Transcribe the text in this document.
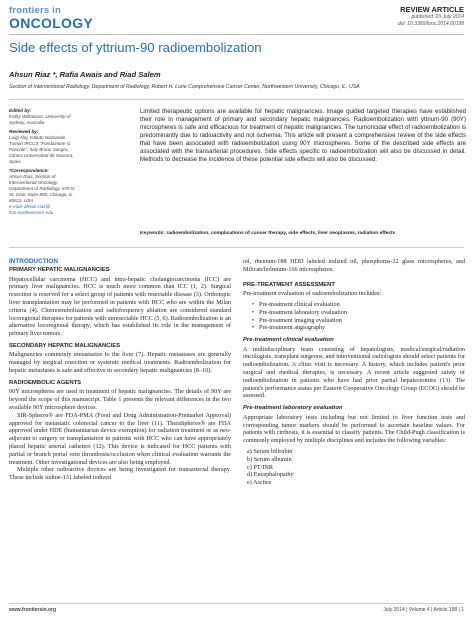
frontiers in
ONCOLOGY
REVIEW ARTICLE
published: 29 July 2014
doi: 10.3389/fonc.2014.00198
Side effects of yttrium-90 radioembolization
Ahsun Riaz *, Rafia Awais and Riad Salem
Section of Interventional Radiology, Department of Radiology, Robert H. Lurie Comprehensive Cancer Center, Northwestern University, Chicago, IL, USA
Edited by:
Kathy Willowson, University of Sydney, Australia
Reviewed by:
Luigi Aloj, Istituto Nazionale Tumori IRCCS "Fondazione G. Pascale", Italy Bruno Sangro, Clinica Universidad de Navarra, Spain
*Correspondence:
Ahsun Riaz, Section of Interventional Oncology, Department of Radiology, 676 N. St. Clair, Suite 800, Chicago, IL 60611, USA
e-mail: ahsun-riaz@ fsm.northwestern.edu

Limited therapeutic options are available for hepatic malignancies. Image guided targeted therapies have established their role in management of primary and secondary hepatic malignancies. Radioembolization with yttrium-90 (90Y) microspheres is safe and efficacious for treatment of hepatic malignancies. The tumoricidal effect of radioembolization is predominantly due to radioactivity and not ischemia. This article will present a comprehensive review of the side effects that have been associated with radioembolization using 90Y microspheres. Some of the described side effects are associated with the transarterial procedures. Side effects specific to radioembolization will also be discussed in detail. Methods to decrease the incidence of these potential side effects will also be discussed.

Keywords: radioembolization, complications of cancer therapy, side effects, liver neoplasms, radiation effects
INTRODUCTION
PRIMARY HEPATIC MALIGNANCIES

Hepatocellular carcinoma (HCC) and intra-hepatic cholangiocarcinoma (ICC) are primary liver malignancies. HCC is much more common than ICC (1, 2). Surgical resection is reserved for a select group of patients with resectable disease (3). Orthotopic liver transplantation may be performed in patients with HCC who are within the Milan criteria (4). Chemoembolization and radiofrequency ablation are considered standard locoregional therapies for patients with unresectable HCC (5, 6). Radioembolization is an alternative locoregional therapy, which has established its role in the management of primary liver tumors.

SECONDARY HEPATIC MALIGNANCIES

Malignancies commonly metastasize to the liver (7). Hepatic metastases are generally managed by surgical resection or systemic medical treatments. Radioembolization for hepatic metastases is safe and effective in secondary hepatic malignancies (8–10).

RADIOEMBOLIC AGENTS

90Y microspheres are used in treatment of hepatic malignancies. The details of 90Y are beyond the scope of this manuscript. Table 1 presents the relevant differences in the two available 90Y microsphere devices.

SIR-Spheres® are FDA-PMA (Food and Drug Administration-Premarket Approval) approved for metastatic colorectal cancer to the liver (11). TheraSpheres® are FDA approved under HDE (humanitarian device exemption) for radiation treatment or as neo-adjuvant to surgery or transplantation in patients with HCC who can have appropriately placed hepatic arterial catheters (12). This device is indicated for HCC patients with partial or branch portal vein thrombosis/occlusion when clinical evaluation warrants the treatment. Other investigational devices are also being employed.

Multiple other radioactive devices are being investigated for transarterial therapy. These include iodine-131 labeled iodized

oil, rhenium-188 HDD labeled iodized oil, phosphorus-32 glass microspheres, and Milican/holmium-166 microspheres.

PRE-TREATMENT ASSESSMENT

Pre-treatment evaluation of radioembolization includes:

• Pre-treatment clinical evaluation
• Pre-treatment laboratory evaluation
• Pre-treatment imaging evaluation
• Pre-treatment angiography
Pre-treatment clinical evaluation

A multidisciplinary team consisting of hepatologists, medical/surgical/radiation oncologists, transplant surgeons, and interventional radiologists should select patients for radioembolization. A clinic visit is necessary. A history, which includes patient's prior surgical and medical therapies, is necessary. A recent article suggested safety of radioembolization in patients who have had prior partial hepatectomies (13). The patient's performance status per Eastern Cooperative Oncology Group (ECOG) should be assessed.

Pre-treatment laboratory evaluation

Appropriate laboratory tests including but not limited to liver function tests and corresponding tumor markers should be performed to ascertain baseline values. For patients with cirrhosis, it is essential to classify patients. The Child-Pugh classification is commonly employed by multiple disciplines and includes the following variables:

a) Serum bilirubin
b) Serum albumin
c) PT/INR
d) Encephalopathy
e) Ascites
www.frontiersin.org	July 2014 | Volume 4 | Article 198 | 1
